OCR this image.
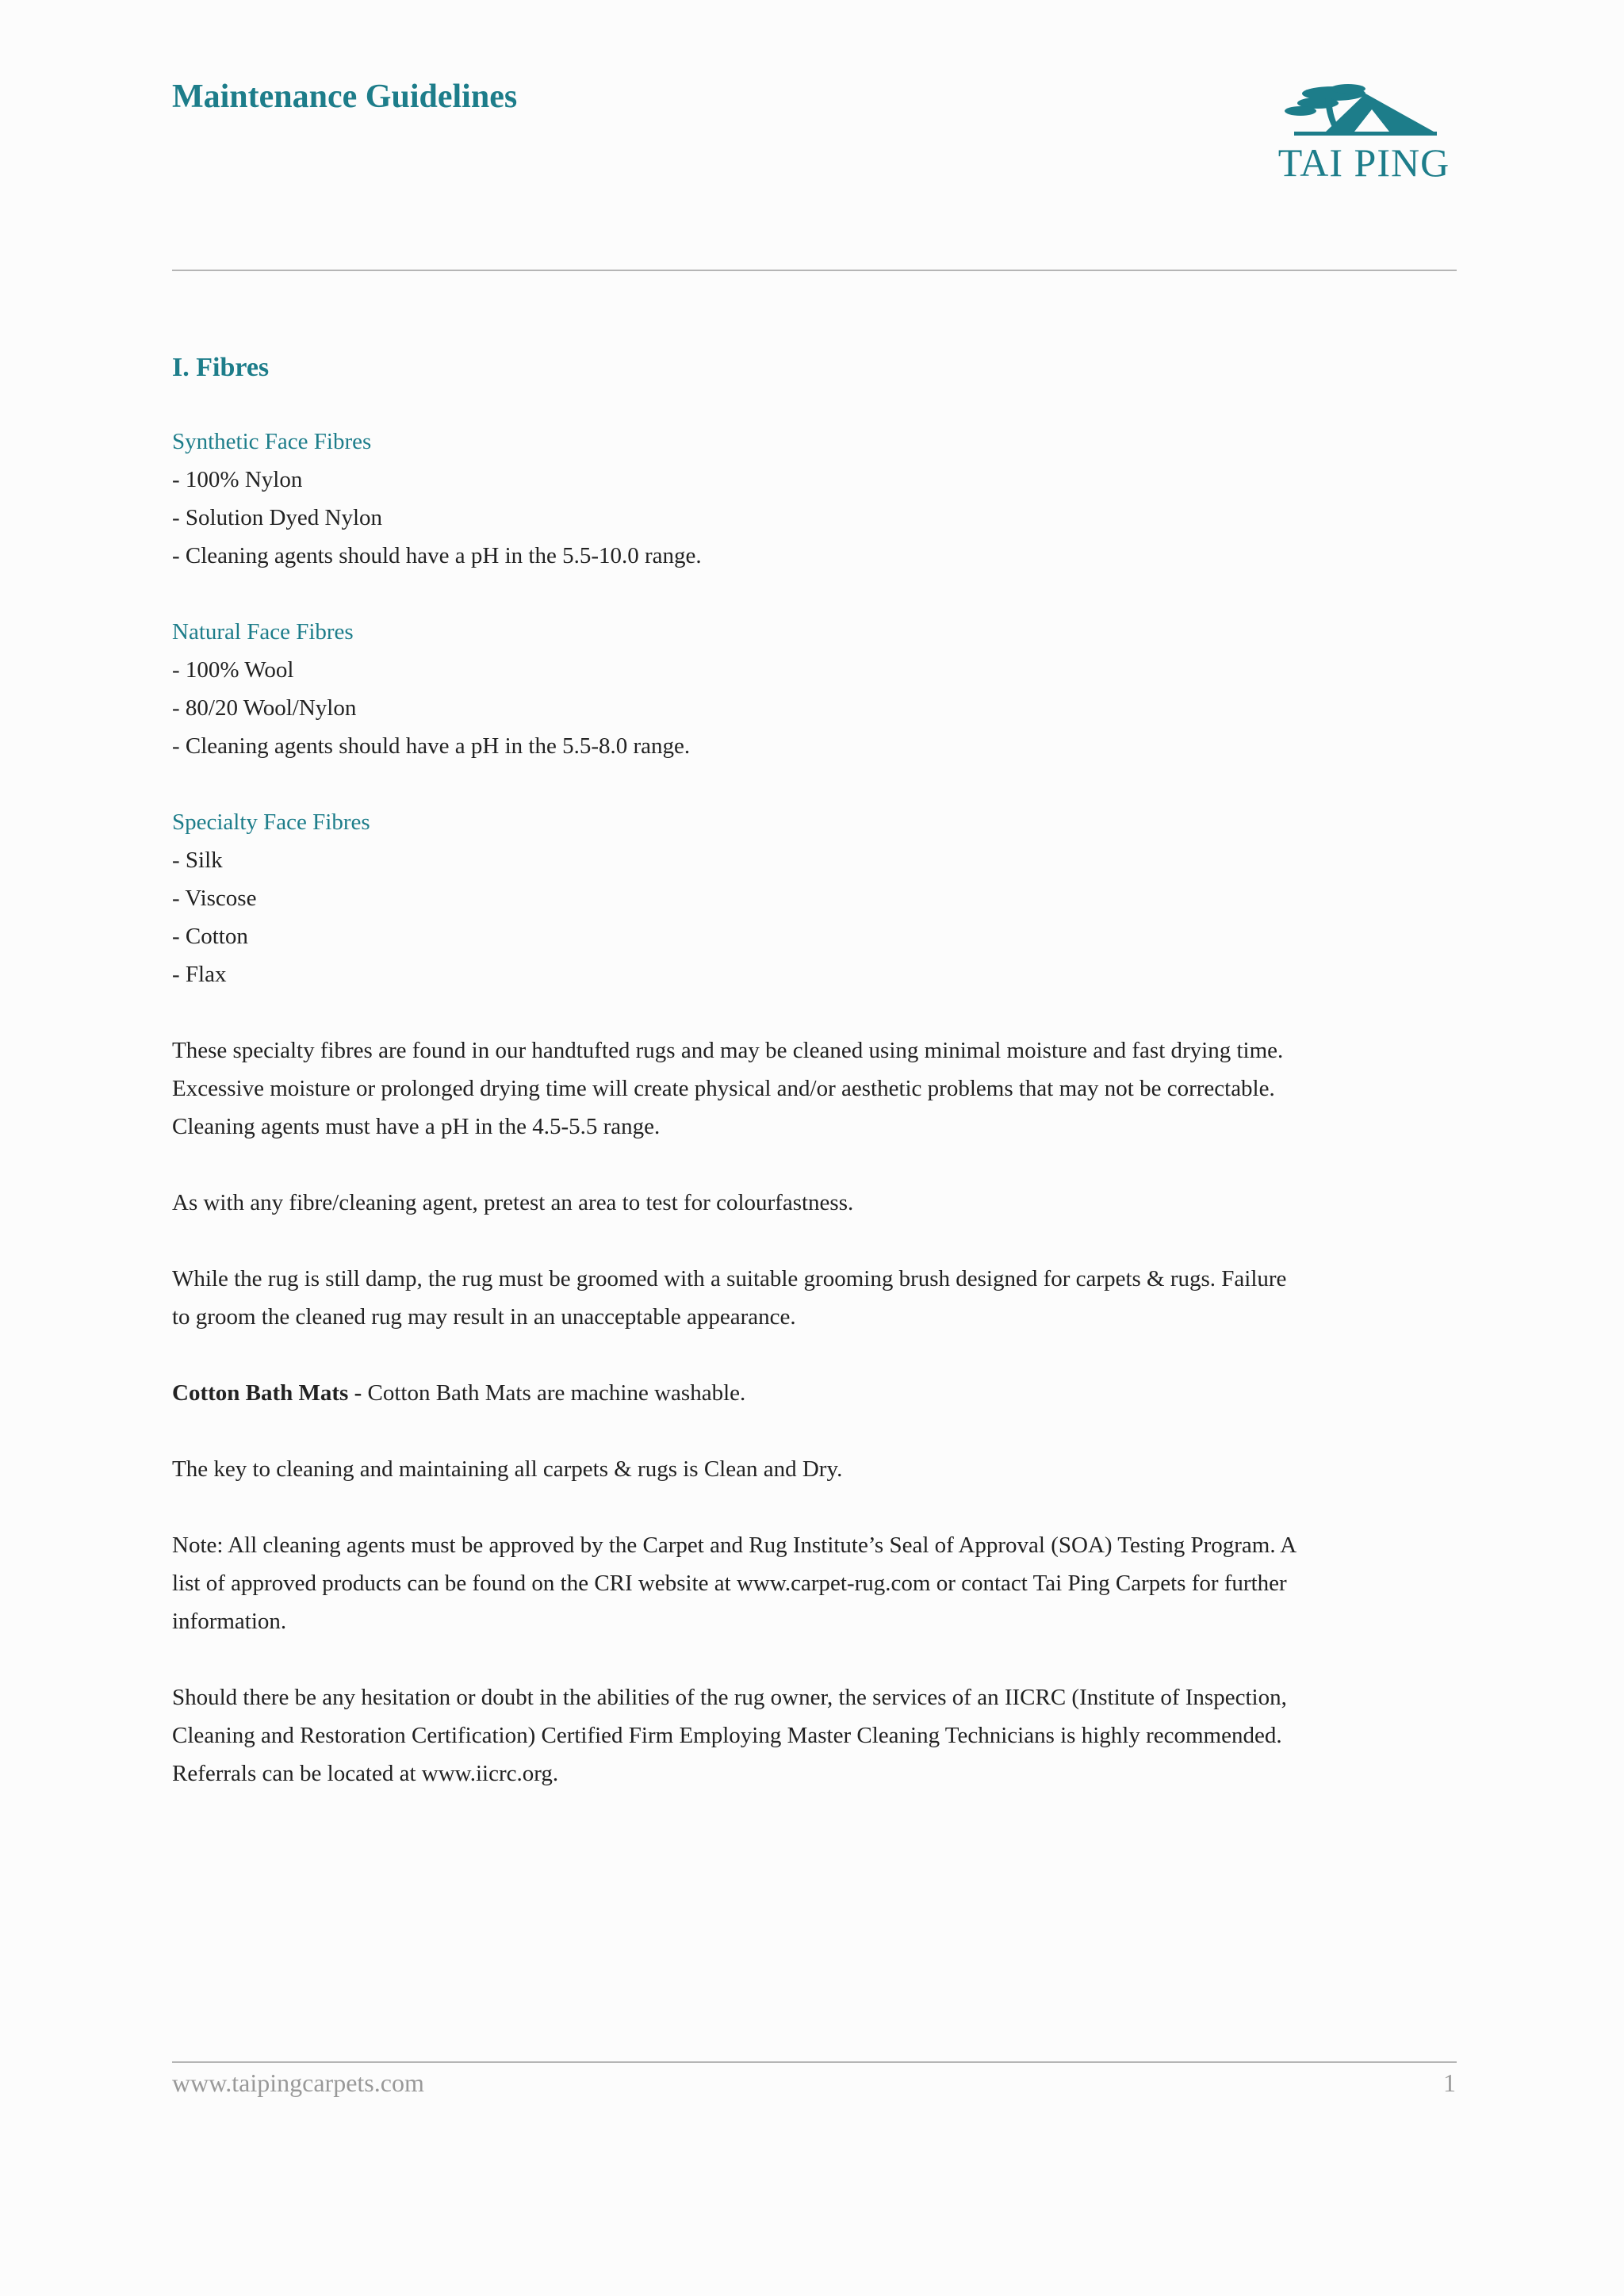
Maintenance Guidelines
TAI PING

I. Fibres

Synthetic Face Fibres

- 100% Nylon

- Solution Dyed Nylon

- Cleaning agents should have a pH in the 5.5-10.0 range.

Natural Face Fibres

- 100% Wool

- 80/20 Wool/Nylon

- Cleaning agents should have a pH in the 5.5-8.0 range.

Specialty Face Fibres

- Silk

- Viscose

- Cotton

- Flax

These specialty fibres are found in our handtufted rugs and may be cleaned using minimal moisture and fast drying time.

Excessive moisture or prolonged drying time will create physical and/or aesthetic problems that may not be correctable.

Cleaning agents must have a pH in the 4.5-5.5 range.

As with any fibre/cleaning agent, pretest an area to test for colourfastness.

While the rug is still damp, the rug must be groomed with a suitable grooming brush designed for carpets & rugs. Failure

to groom the cleaned rug may result in an unacceptable appearance.

Cotton Bath Mats - Cotton Bath Mats are machine washable.

The key to cleaning and maintaining all carpets & rugs is Clean and Dry.

Note: All cleaning agents must be approved by the Carpet and Rug Institute’s Seal of Approval (SOA) Testing Program. A

list of approved products can be found on the CRI website at www.carpet-rug.com or contact Tai Ping Carpets for further

information.

Should there be any hesitation or doubt in the abilities of the rug owner, the services of an IICRC (Institute of Inspection,

Cleaning and Restoration Certification) Certified Firm Employing Master Cleaning Technicians is highly recommended.

Referrals can be located at www.iicrc.org.

www.taipingcarpets.com	1
